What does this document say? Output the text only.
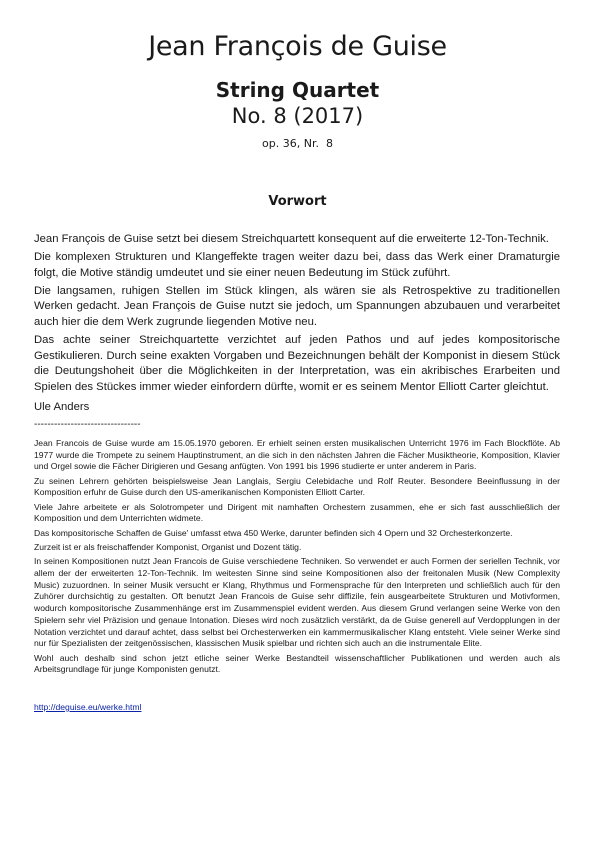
Jean François de Guise
String Quartet
No. 8 (2017)
op. 36, Nr.  8
Vorwort

Jean François de Guise setzt bei diesem Streichquartett konsequent auf die erweiterte 12-Ton-Technik.

Die komplexen Strukturen und Klangeffekte tragen weiter dazu bei, dass das Werk einer Dramaturgie folgt, die Motive ständig umdeutet und sie einer neuen Bedeutung im Stück zuführt.

Die langsamen, ruhigen Stellen im Stück klingen, als wären sie als Retrospektive zu traditionellen Werken gedacht. Jean François de Guise nutzt sie jedoch, um Spannungen abzubauen und verarbeitet auch hier die dem Werk zugrunde liegenden Motive neu.

Das achte seiner Streichquartette verzichtet auf jeden Pathos und auf jedes kompositorische Gestikulieren. Durch seine exakten Vorgaben und Bezeichnungen behält der Komponist in diesem Stück die Deutungshoheit über die Möglichkeiten in der Interpretation, was ein akribisches Erarbeiten und Spielen des Stückes immer wieder einfordern dürfte, womit er es seinem Mentor Elliott Carter gleichtut.

Ule Anders
--------------------------------

Jean Francois de Guise wurde am 15.05.1970 geboren. Er erhielt seinen ersten musikalischen Unterricht 1976 im Fach Blockflöte. Ab 1977 wurde die Trompete zu seinem Hauptinstrument, an die sich in den nächsten Jahren die Fächer Musiktheorie, Komposition, Klavier und Orgel sowie die Fächer Dirigieren und Gesang anfügten. Von 1991 bis 1996 studierte er unter anderem in Paris.

Zu seinen Lehrern gehörten beispielsweise Jean Langlais, Sergiu Celebidache und Rolf Reuter. Besondere Beeinflussung in der Komposition erfuhr de Guise durch den US-amerikanischen Komponisten Elliott Carter.

Viele Jahre arbeitete er als Solotrompeter und Dirigent mit namhaften Orchestern zusammen, ehe er sich fast ausschließlich der Komposition und dem Unterrichten widmete.

Das kompositorische Schaffen de Guise' umfasst etwa 450 Werke, darunter befinden sich 4 Opern und 32 Orchesterkonzerte.

Zurzeit ist er als freischaffender Komponist, Organist und Dozent tätig.

In seinen Kompositionen nutzt Jean Francois de Guise verschiedene Techniken. So verwendet er auch Formen der seriellen Technik, vor allem der der erweiterten 12-Ton-Technik. Im weitesten Sinne sind seine Kompositionen also der freitonalen Musik (New Complexity Music) zuzuordnen. In seiner Musik versucht er Klang, Rhythmus und Formensprache für den Interpreten und schließlich auch für den Zuhörer durchsichtig zu gestalten. Oft benutzt Jean Francois de Guise sehr diffizile, fein ausgearbeitete Strukturen und Motivformen, wodurch kompositorische Zusammenhänge erst im Zusammenspiel evident werden. Aus diesem Grund verlangen seine Werke von den Spielern sehr viel Präzision und genaue Intonation. Dieses wird noch zusätzlich verstärkt, da de Guise generell auf Verdopplungen in der Notation verzichtet und darauf achtet, dass selbst bei Orchesterwerken ein kammermusikalischer Klang entsteht. Viele seiner Werke sind nur für Spezialisten der zeitgenössischen, klassischen Musik spielbar und richten sich auch an die instrumentale Elite.

Wohl auch deshalb sind schon jetzt etliche seiner Werke Bestandteil wissenschaftlicher Publikationen und werden auch als Arbeitsgrundlage für junge Komponisten genutzt.

http://deguise.eu/werke.html
